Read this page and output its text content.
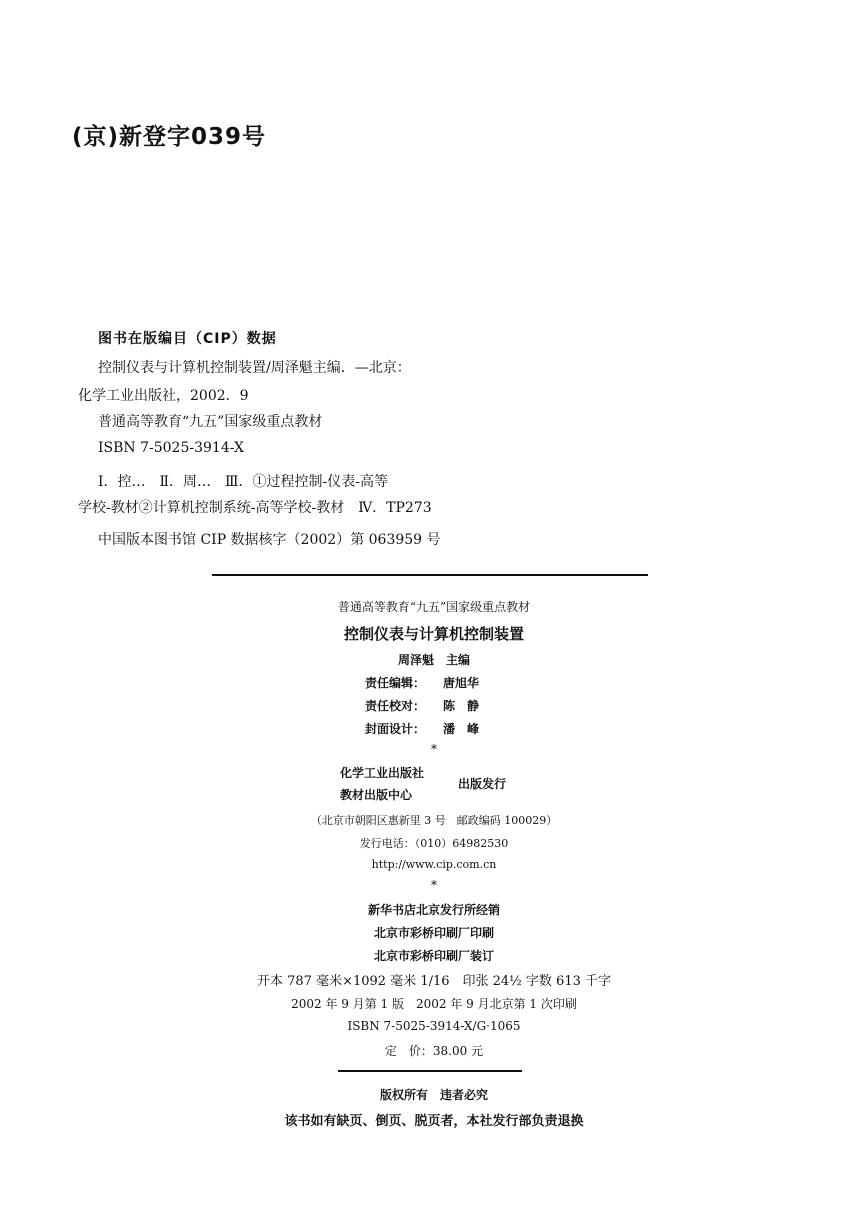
(京)新登字039号
图书在版编目（CIP）数据
控制仪表与计算机控制装置/周泽魁主编．—北京：
化学工业出版社，2002．9
普通高等教育“九五”国家级重点教材
ISBN 7-5025-3914-X
Ⅰ．控…　Ⅱ．周…　Ⅲ．①过程控制-仪表-高等
学校-教材②计算机控制系统-高等学校-教材　Ⅳ．TP273
中国版本图书馆 CIP 数据核字（2002）第 063959 号
普通高等教育“九五”国家级重点教材
控制仪表与计算机控制装置
周泽魁　主编
责任编辑： 唐旭华
责任校对： 陈　静
封面设计： 潘　峰
*
化学工业出版社
教材出版中心
出版发行
（北京市朝阳区惠新里 3 号　邮政编码 100029）
发行电话：（010）64982530
http://www.cip.com.cn
*
新华书店北京发行所经销
北京市彩桥印刷厂印刷
北京市彩桥印刷厂装订
开本 787 毫米×1092 毫米 1/16　印张 24½ 字数 613 千字
2002 年 9 月第 1 版　2002 年 9 月北京第 1 次印刷
ISBN 7-5025-3914-X/G·1065
定　价：38.00 元
版权所有　违者必究
该书如有缺页、倒页、脱页者，本社发行部负责退换
